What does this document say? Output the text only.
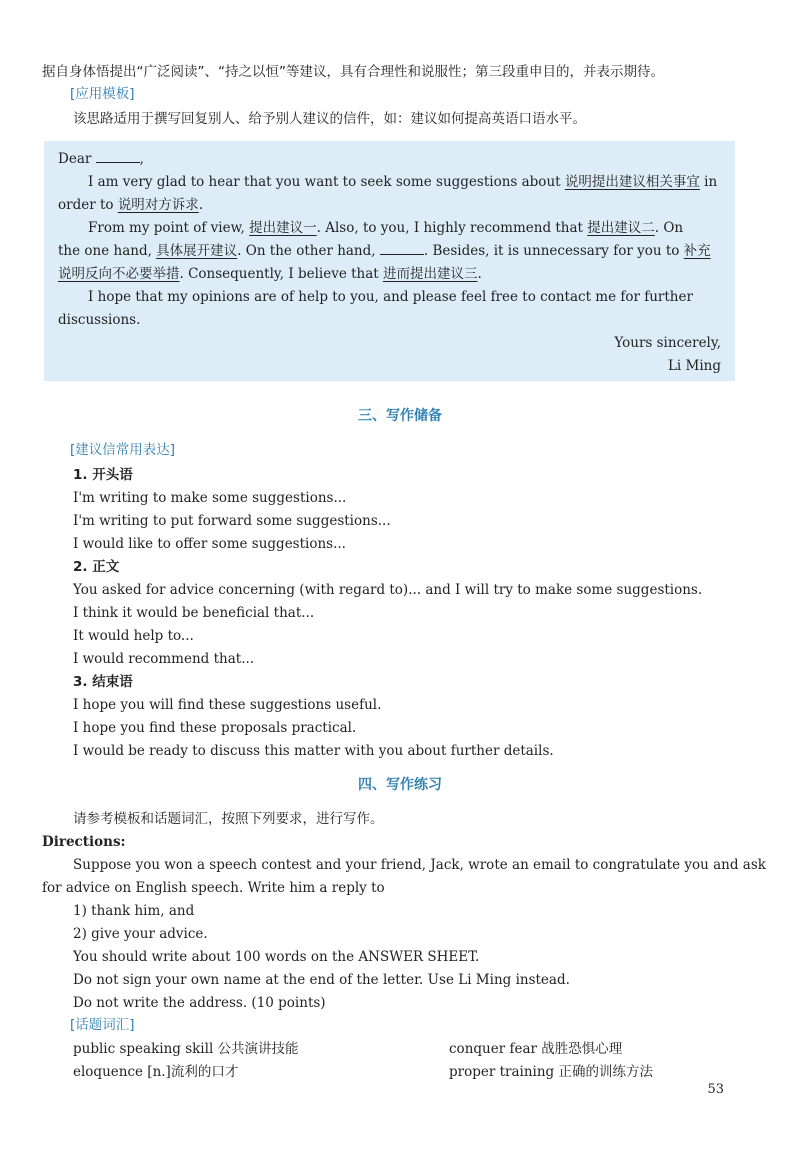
据自身体悟提出“广泛阅读”、“持之以恒”等建议，具有合理性和说服性；第三段重申目的，并表示期待。
[应用模板]
该思路适用于撰写回复别人、给予别人建议的信件，如：建议如何提高英语口语水平。
Dear	,
I am very glad to hear that you want to seek some suggestions about 说明提出建议相关事宜 in
order to 说明对方诉求.
From my point of view, 提出建议一. Also, to you, I highly recommend that 提出建议二. On
the one hand, 具体展开建议. On the other hand,	. Besides, it is unnecessary for you to 补充
说明反向不必要举措. Consequently, I believe that 进而提出建议三.
I hope that my opinions are of help to you, and please feel free to contact me for further
discussions.
Yours sincerely,
Li Ming
三、写作储备
[建议信常用表达]
1. 开头语
I'm writing to make some suggestions...
I'm writing to put forward some suggestions...
I would like to offer some suggestions...
2. 正文
You asked for advice concerning (with regard to)... and I will try to make some suggestions.
I think it would be beneficial that...
It would help to...
I would recommend that...
3. 结束语
I hope you will find these suggestions useful.
I hope you find these proposals practical.
I would be ready to discuss this matter with you about further details.
四、写作练习
请参考模板和话题词汇，按照下列要求，进行写作。
Directions:
Suppose you won a speech contest and your friend, Jack, wrote an email to congratulate you and ask
for advice on English speech. Write him a reply to
1) thank him, and
2) give your advice.
You should write about 100 words on the ANSWER SHEET.
Do not sign your own name at the end of the letter. Use Li Ming instead.
Do not write the address. (10 points)
[话题词汇]
public speaking skill 公共演讲技能	conquer fear 战胜恐惧心理
eloquence [n.]流利的口才	proper training 正确的训练方法
53
